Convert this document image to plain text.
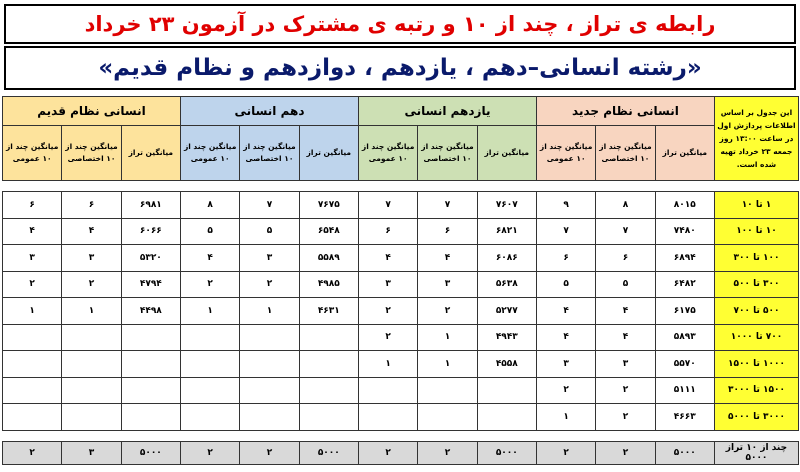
رابطه ی تراز ، چند از ۱۰ و رتبه ی مشترک در آزمون ۲۳ خرداد
«رشته انسانی–دهم ، یازدهم ، دوازدهم و نظام قدیم»
این جدول بر اساس اطلاعات پردازش اول در ساعت ۱۳:۰۰ روز جمعه ۲۳ خرداد تهیه شده است.	انسانی نظام جدید			یازدهم انسانی			دهم انسانی			انسانی نظام قدیم		
	میانگین تراز	میانگین چند از ۱۰ اختصاصی	میانگین چند از ۱۰ عمومی	میانگین تراز	میانگین چند از ۱۰ اختصاصی	میانگین چند از ۱۰ عمومی	میانگین تراز	میانگین چند از ۱۰ اختصاصی	میانگین چند از ۱۰ عمومی	میانگین تراز	میانگین چند از ۱۰ اختصاصی	میانگین چند از ۱۰ عمومی

۱ تا ۱۰	۸۰۱۵	۸	۹	۷۶۰۷	۷	۷	۷۶۷۵	۷	۸	۶۹۸۱	۶	۶
۱۰ تا ۱۰۰	۷۴۸۰	۷	۷	۶۸۲۱	۶	۶	۶۵۴۸	۵	۵	۶۰۶۶	۴	۴
۱۰۰ تا ۳۰۰	۶۸۹۴	۶	۶	۶۰۸۶	۴	۴	۵۵۸۹	۳	۴	۵۳۲۰	۳	۳
۳۰۰ تا ۵۰۰	۶۴۸۲	۵	۵	۵۶۳۸	۳	۳	۴۹۸۵	۲	۲	۴۷۹۴	۲	۲
۵۰۰ تا ۷۰۰	۶۱۷۵	۴	۴	۵۲۷۷	۲	۲	۴۶۳۱	۱	۱	۴۴۹۸	۱	۱
۷۰۰ تا ۱۰۰۰	۵۸۹۳	۴	۴	۴۹۴۳	۱	۲						
۱۰۰۰ تا ۱۵۰۰	۵۵۷۰	۳	۳	۴۵۵۸	۱	۱						
۱۵۰۰ تا ۳۰۰۰	۵۱۱۱	۲	۲									
۳۰۰۰ تا ۵۰۰۰	۴۶۶۳	۲	۱									

چند از ۱۰ تراز ۵۰۰۰	۵۰۰۰	۲	۲	۵۰۰۰	۲	۲	۵۰۰۰	۲	۲	۵۰۰۰	۳	۲
